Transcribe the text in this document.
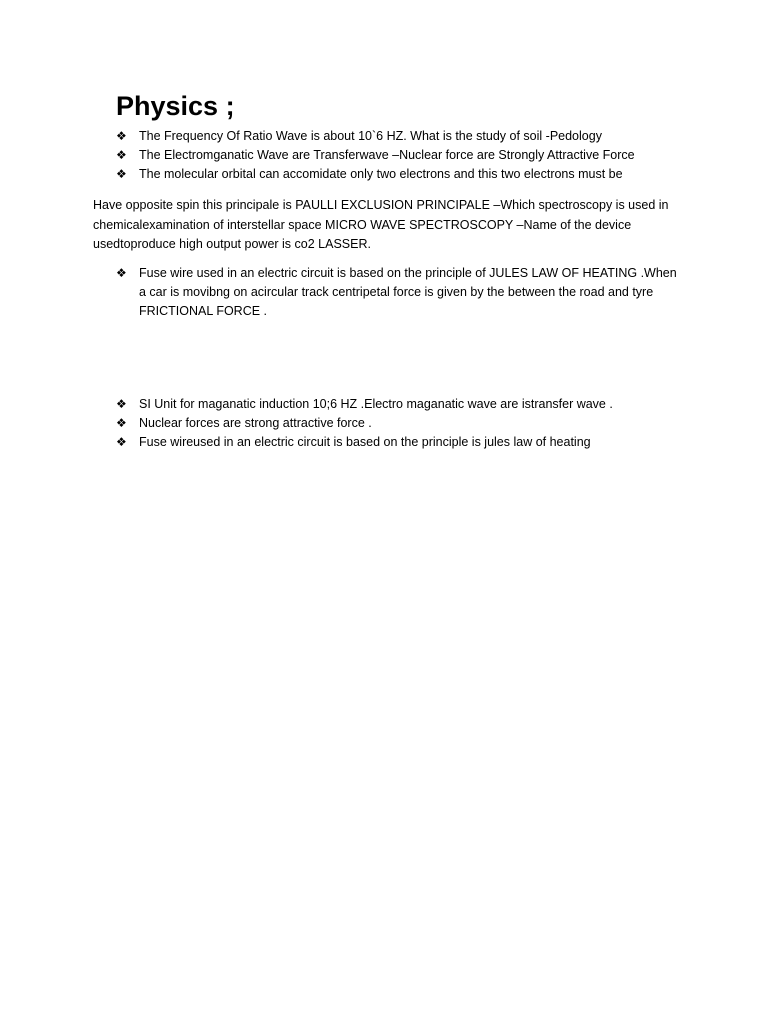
Physics ;
❖ The Frequency Of Ratio Wave is about 10`6 HZ. What is the study of soil -Pedology
❖ The Electromganatic Wave are Transferwave –Nuclear force are Strongly Attractive Force
❖ The molecular orbital can accomidate only two electrons and this two electrons must be

Have opposite spin this principale is PAULLI EXCLUSION PRINCIPALE –Which spectroscopy is used in chemicalexamination of interstellar space MICRO WAVE SPECTROSCOPY –Name of the device usedtoproduce high output power is co2 LASSER.

❖ Fuse wire used in an electric circuit is based on the principle of JULES LAW OF HEATING .When a car is movibng on acircular track centripetal force is given by the between the road and tyre FRICTIONAL FORCE .
❖ SI Unit for maganatic induction 10;6 HZ .Electro maganatic wave are istransfer wave .
❖ Nuclear forces are strong attractive force .
❖ Fuse wireused in an electric circuit is based on the principle is jules law of heating
